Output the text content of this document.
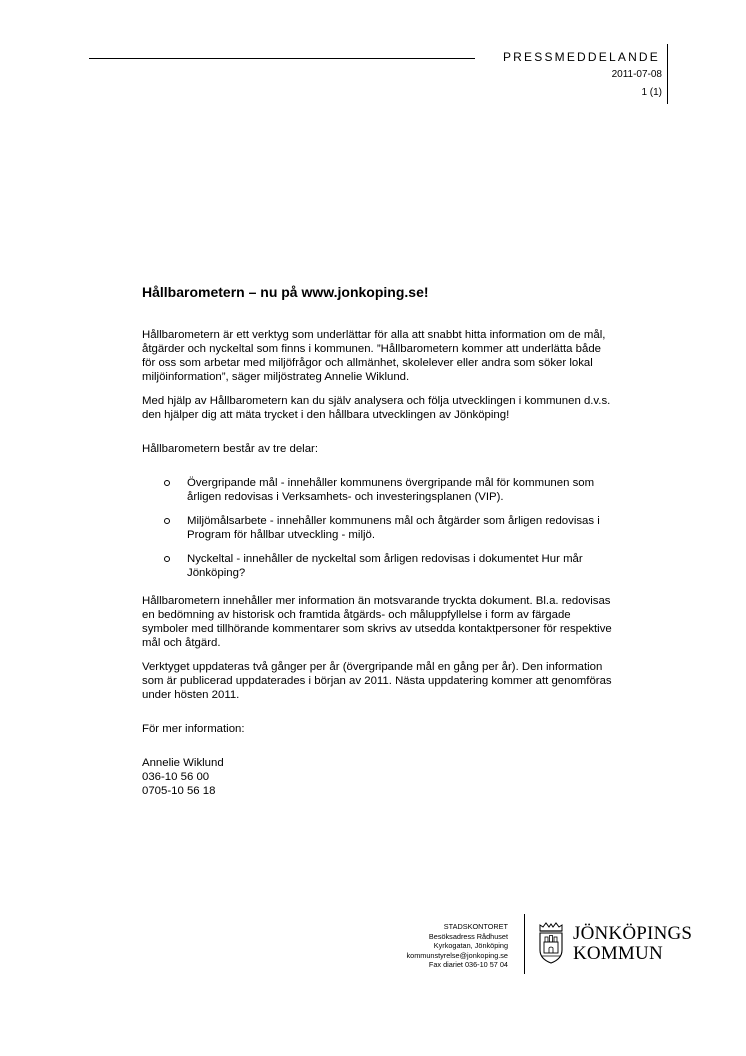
PRESSMEDDELANDE
2011-07-08
1 (1)
Hållbarometern – nu på www.jonkoping.se!

Hållbarometern är ett verktyg som underlättar för alla att snabbt hitta information om de mål, åtgärder och nyckeltal som finns i kommunen. ”Hållbarometern kommer att underlätta både för oss som arbetar med miljöfrågor och allmänhet, skolelever eller andra som söker lokal miljöinformation”, säger miljöstrateg Annelie Wiklund.

Med hjälp av Hållbarometern kan du själv analysera och följa utvecklingen i kommunen d.v.s. den hjälper dig att mäta trycket i den hållbara utvecklingen av Jönköping!

Hållbarometern består av tre delar:

Övergripande mål - innehåller kommunens övergripande mål för kommunen som årligen redovisas i Verksamhets- och investeringsplanen (VIP).
Miljömålsarbete - innehåller kommunens mål och åtgärder som årligen redovisas i Program för hållbar utveckling - miljö.
Nyckeltal - innehåller de nyckeltal som årligen redovisas i dokumentet Hur mår Jönköping?

Hållbarometern innehåller mer information än motsvarande tryckta dokument. Bl.a. redovisas en bedömning av historisk och framtida åtgärds- och måluppfyllelse i form av färgade symboler med tillhörande kommentarer som skrivs av utsedda kontaktpersoner för respektive mål och åtgärd.

Verktyget uppdateras två gånger per år (övergripande mål en gång per år). Den information som är publicerad uppdaterades i början av 2011. Nästa uppdatering kommer att genomföras under hösten 2011.

För mer information:

Annelie Wiklund
036-10 56 00
0705-10 56 18
STADSKONTORET
Besöksadress Rådhuset
Kyrkogatan, Jönköping
kommunstyrelse@jonkoping.se
Fax diariet 036-10 57 04
JÖNKÖPINGS
KOMMUN
